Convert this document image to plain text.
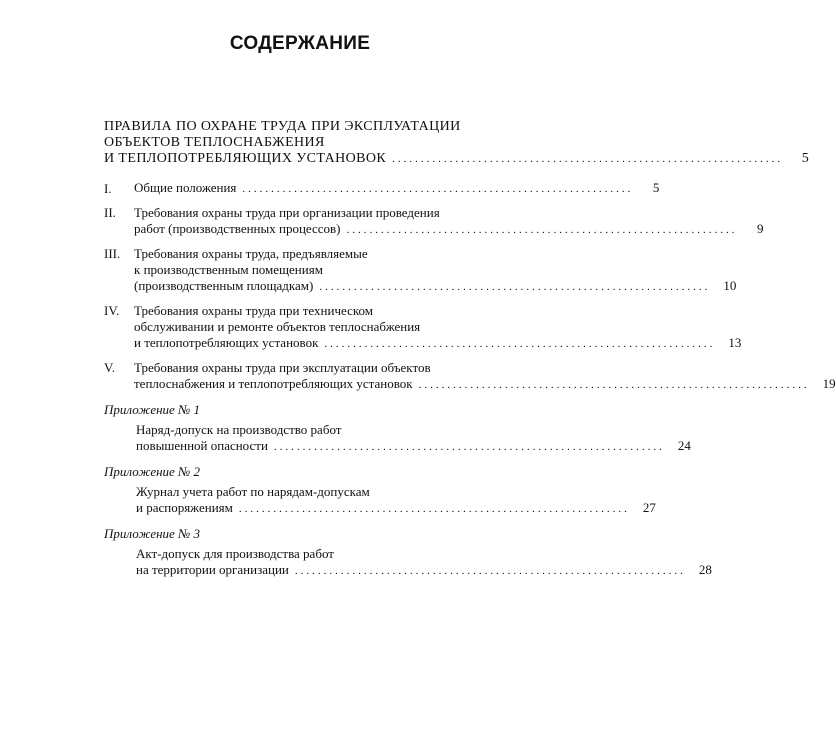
СОДЕРЖАНИЕ
ПРАВИЛА ПО ОХРАНЕ ТРУДА ПРИ ЭКСПЛУАТАЦИИ
ОБЪЕКТОВ ТЕПЛОСНАБЖЕНИЯ
И ТЕПЛОПОТРЕБЛЯЮЩИХ УСТАНОВОК ....................................................................	5
I.	Общие положения ....................................................................	5
II.	Требования охраны труда при организации проведения
работ (производственных процессов) ....................................................................	9
III.	Требования охраны труда, предъявляемые
к производственным помещениям
(производственным площадкам) ....................................................................	10
IV.	Требования охраны труда при техническом
обслуживании и ремонте объектов теплоснабжения
и теплопотребляющих установок ....................................................................	13
V.	Требования охраны труда при эксплуатации объектов
теплоснабжения и теплопотребляющих установок ....................................................................	19
Приложение № 1
Наряд-допуск на производство работ
повышенной опасности ....................................................................	24
Приложение № 2
Журнал учета работ по нарядам-допускам
и распоряжениям ....................................................................	27
Приложение № 3
Акт-допуск для производства работ
на территории организации ....................................................................	28
